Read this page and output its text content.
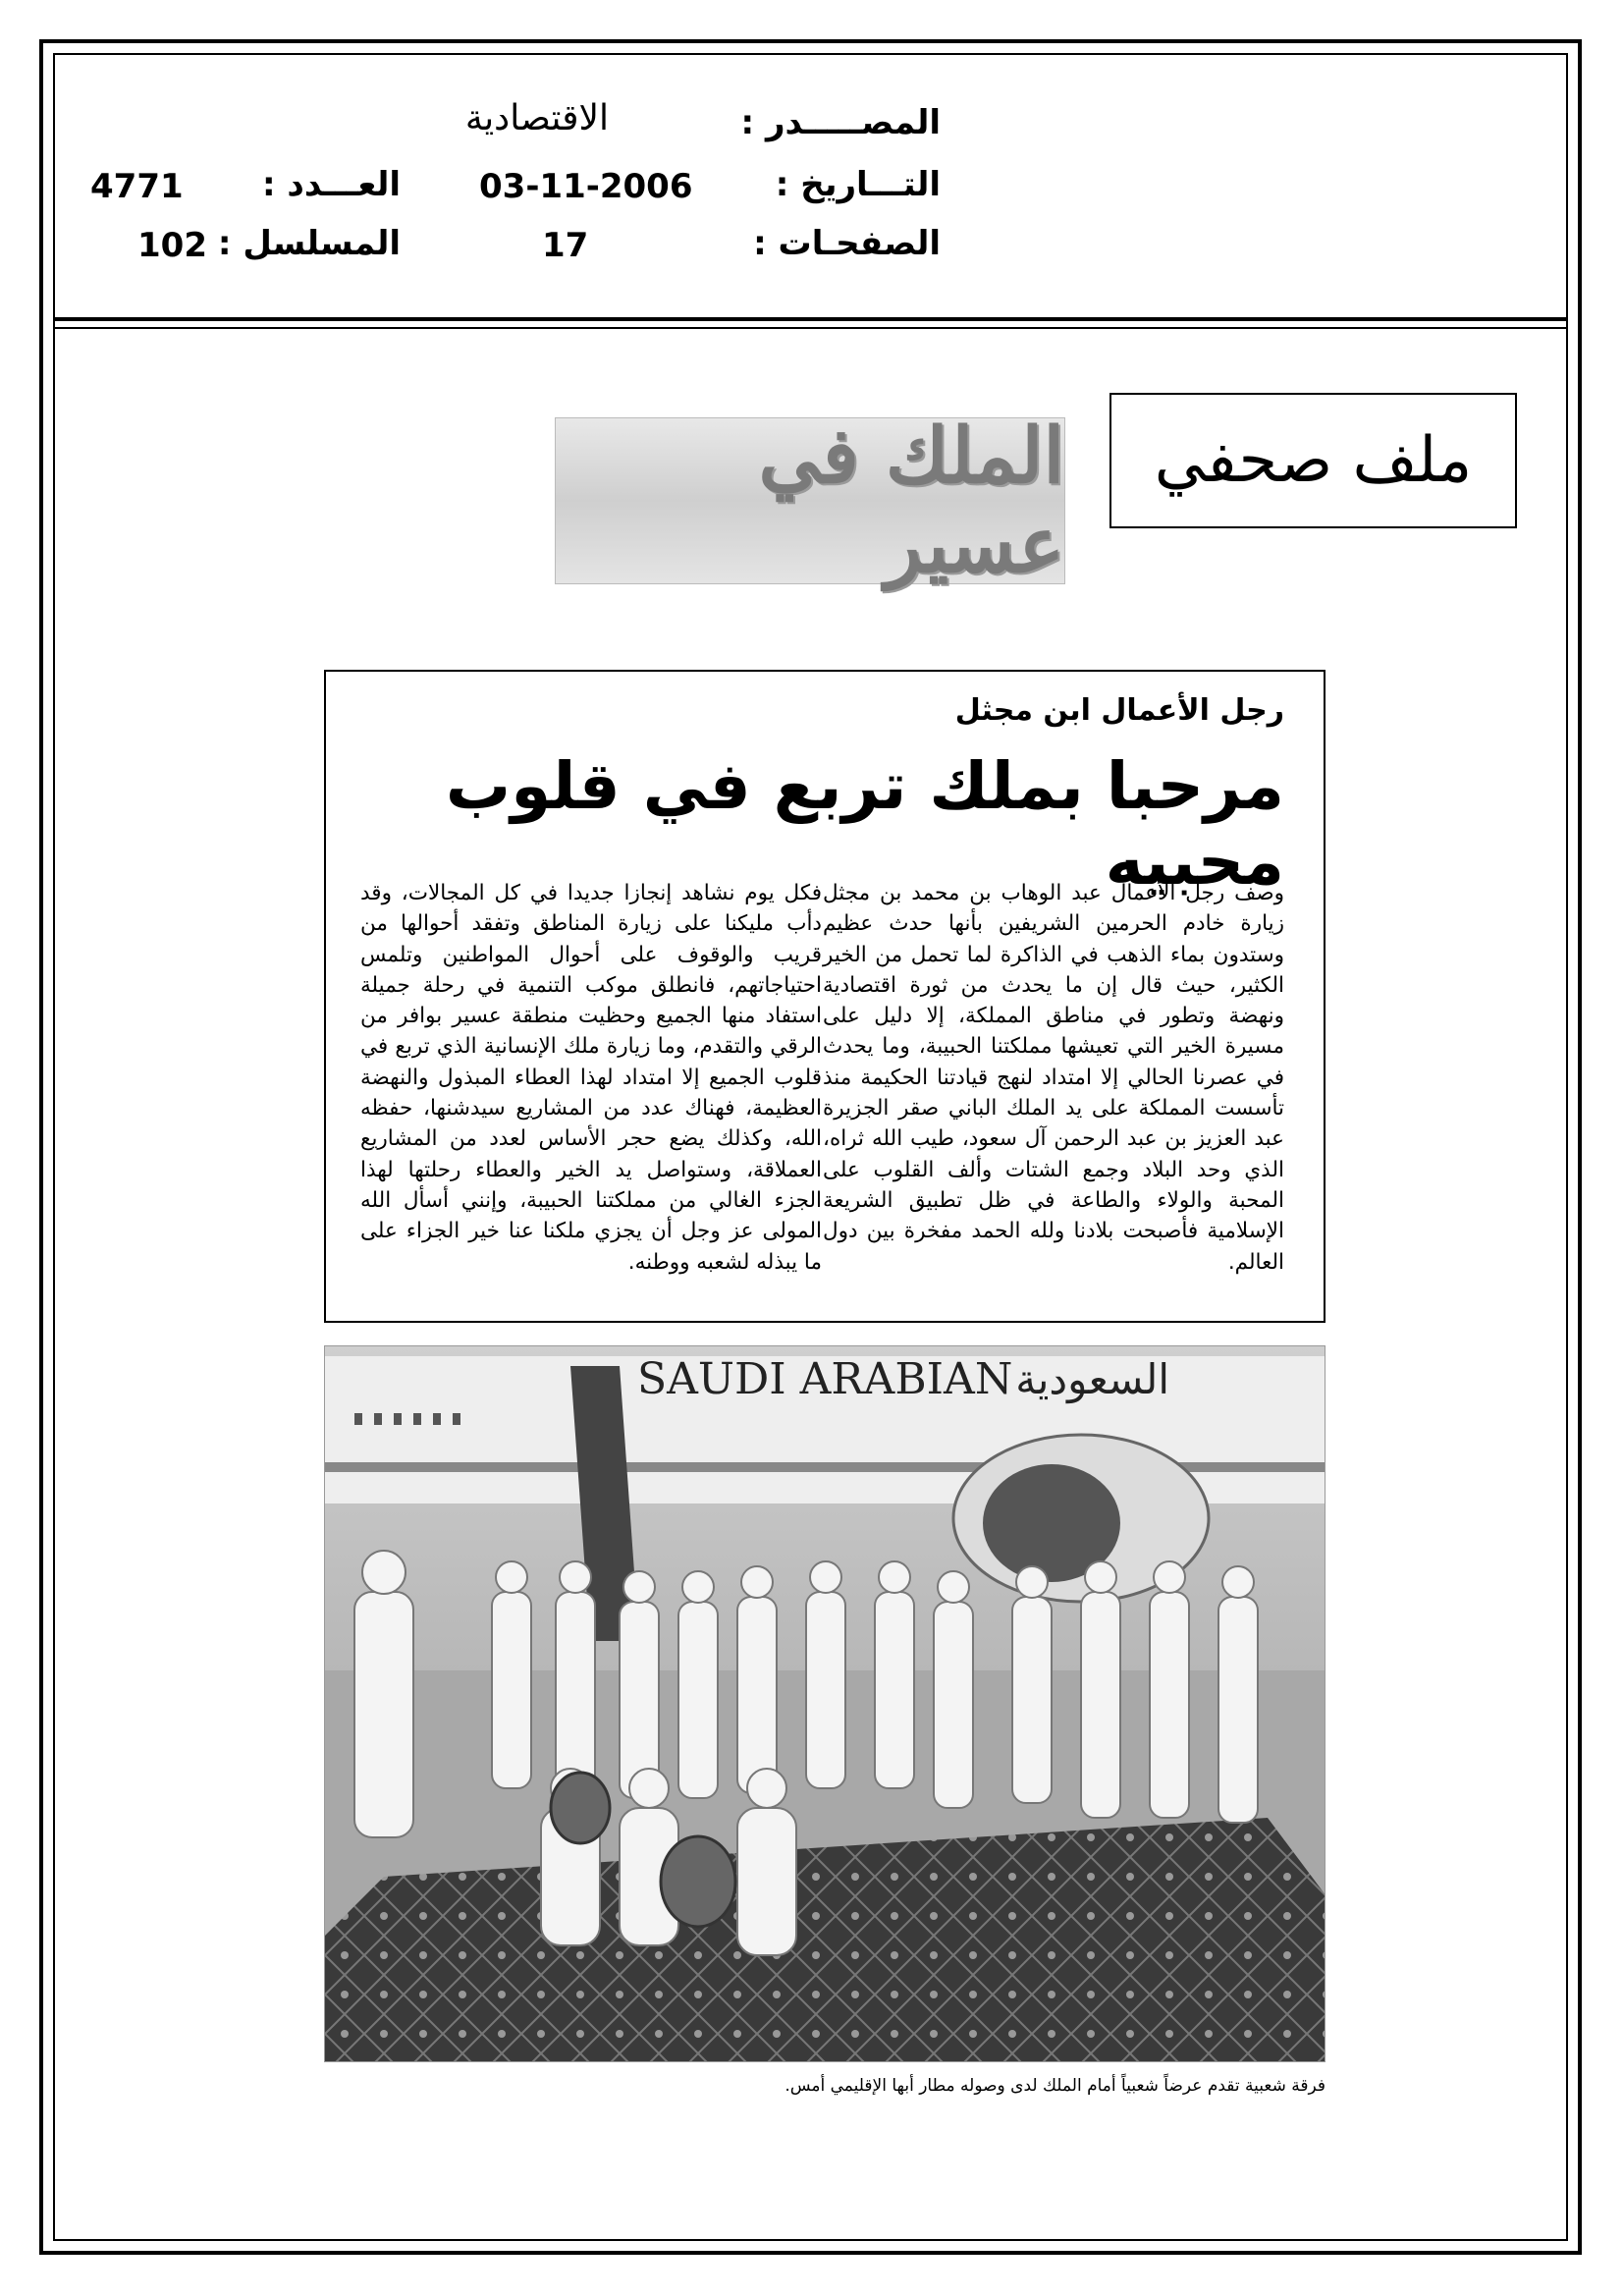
المصـــــدر :
الاقتصادية
التـــاريخ :
03-11-2006
الصفحـات :
17
العـــدد :
4771
المسلسل :
102
ملف صحفي
الملك في عسير
رجل الأعمال ابن مجثل
مرحبا بملك تربع في قلوب محبيه
وصف رجل الأعمال عبد الوهاب بن محمد بن مجثل زيارة خادم الحرمين الشريفين بأنها حدث عظيم وستدون بماء الذهب في الذاكرة لما تحمل من الخير الكثير، حيث قال إن ما يحدث من ثورة اقتصادية ونهضة وتطور في مناطق المملكة، إلا دليل على مسيرة الخير التي تعيشها مملكتنا الحبيبة، وما يحدث في عصرنا الحالي إلا امتداد لنهج قيادتنا الحكيمة منذ تأسست المملكة على يد الملك الباني صقر الجزيرة عبد العزيز بن عبد الرحمن آل سعود، طيب الله ثراه، الذي وحد البلاد وجمع الشتات وألف القلوب على المحبة والولاء والطاعة في ظل تطبيق الشريعة الإسلامية فأصبحت بلادنا ولله الحمد مفخرة بين دول العالم.
فكل يوم نشاهد إنجازا جديدا في كل المجالات، وقد دأب مليكنا على زيارة المناطق وتفقد أحوالها من قريب والوقوف على أحوال المواطنين وتلمس احتياجاتهم، فانطلق موكب التنمية في رحلة جميلة استفاد منها الجميع وحظيت منطقة عسير بوافر من الرقي والتقدم، وما زيارة ملك الإنسانية الذي تربع في قلوب الجميع إلا امتداد لهذا العطاء المبذول والنهضة العظيمة، فهناك عدد من المشاريع سيدشنها، حفظه الله، وكذلك يضع حجر الأساس لعدد من المشاريع العملاقة، وستواصل يد الخير والعطاء رحلتها لهذا الجزء الغالي من مملكتنا الحبيبة، وإنني أسأل الله المولى عز وجل أن يجزي ملكنا عنا خير الجزاء على ما يبذله لشعبه ووطنه.
SAUDI ARABIAN السعودية
فرقة شعبية تقدم عرضاً شعبياً أمام الملك لدى وصوله مطار أبها الإقليمي أمس.
